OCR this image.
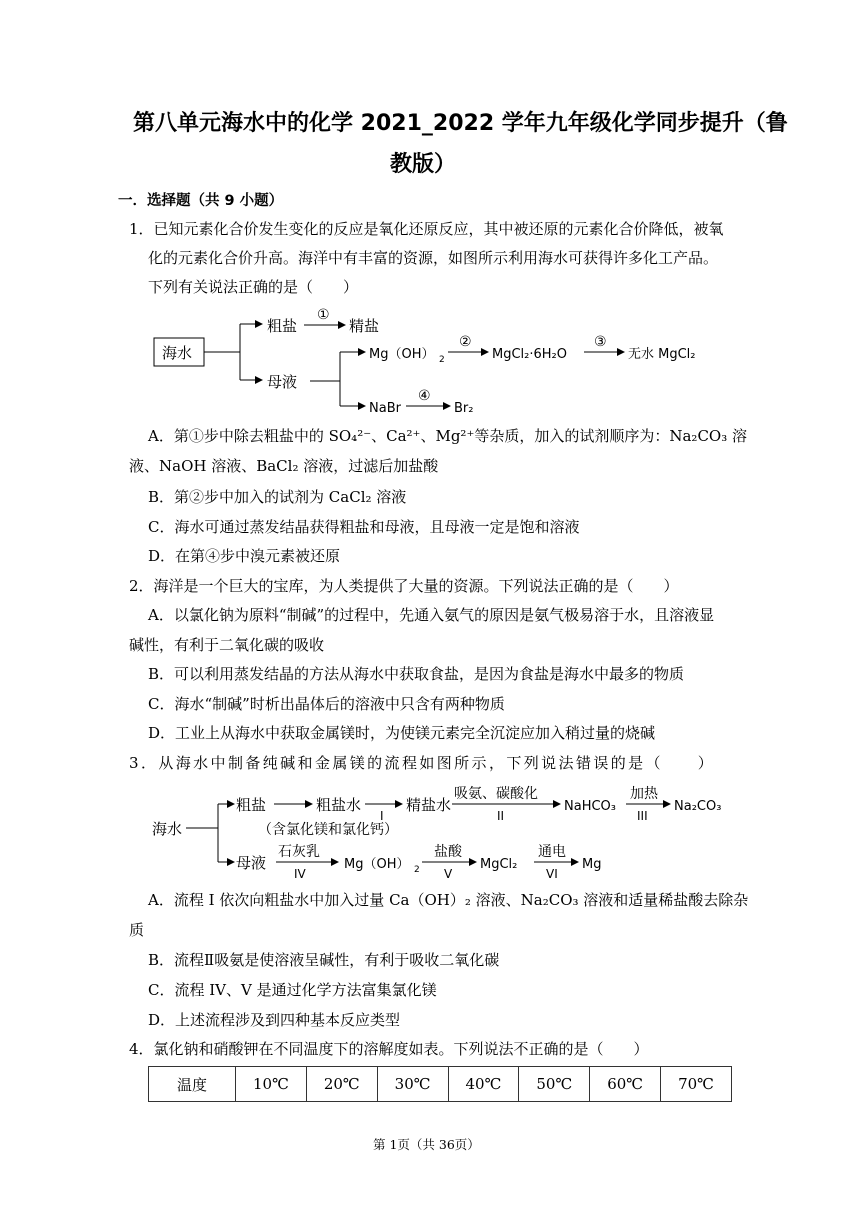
第八单元海水中的化学 2021_2022 学年九年级化学同步提升（鲁
教版）
一．选择题（共 9 小题）
1．已知元素化合价发生变化的反应是氧化还原反应，其中被还原的元素化合价降低，被氧
化的元素化合价升高。海洋中有丰富的资源，如图所示利用海水可获得许多化工产品。
下列有关说法正确的是（　　）
海水
粗盐
①
精盐
母液
Mg（OH） 2
②
MgCl₂·6H₂O
③
无水 MgCl₂
NaBr
④
Br₂
A．第①步中除去粗盐中的 SO₄²⁻、Ca²⁺、Mg²⁺等杂质，加入的试剂顺序为：Na₂CO₃ 溶
液、NaOH 溶液、BaCl₂ 溶液，过滤后加盐酸
B．第②步中加入的试剂为 CaCl₂ 溶液
C．海水可通过蒸发结晶获得粗盐和母液，且母液一定是饱和溶液
D．在第④步中溴元素被还原
2．海洋是一个巨大的宝库，为人类提供了大量的资源。下列说法正确的是（　　）
A．以氯化钠为原料“制碱”的过程中，先通入氨气的原因是氨气极易溶于水，且溶液显
碱性，有利于二氧化碳的吸收
B．可以利用蒸发结晶的方法从海水中获取食盐，是因为食盐是海水中最多的物质
C．海水“制碱”时析出晶体后的溶液中只含有两种物质
D．工业上从海水中获取金属镁时，为使镁元素完全沉淀应加入稍过量的烧碱
3．从海水中制备纯碱和金属镁的流程如图所示，下列说法错误的是（　　）
海水
粗盐	粗盐水
（含氯化镁和氯化钙）
I
精盐水
吸氨、碳酸化
II
NaHCO₃
加热
III
Na₂CO₃
母液
石灰乳
IV
Mg（OH） 2
盐酸
V
MgCl₂
通电
VI
Mg
A．流程 I 依次向粗盐水中加入过量 Ca（OH）₂ 溶液、Na₂CO₃ 溶液和适量稀盐酸去除杂
质
B．流程Ⅱ吸氨是使溶液呈碱性，有利于吸收二氧化碳
C．流程 IV、V 是通过化学方法富集氯化镁
D．上述流程涉及到四种基本反应类型
4．氯化钠和硝酸钾在不同温度下的溶解度如表。下列说法不正确的是（　　）
温度	10℃	20℃	30℃	40℃	50℃	60℃	70℃
第 1页（共 36页）
